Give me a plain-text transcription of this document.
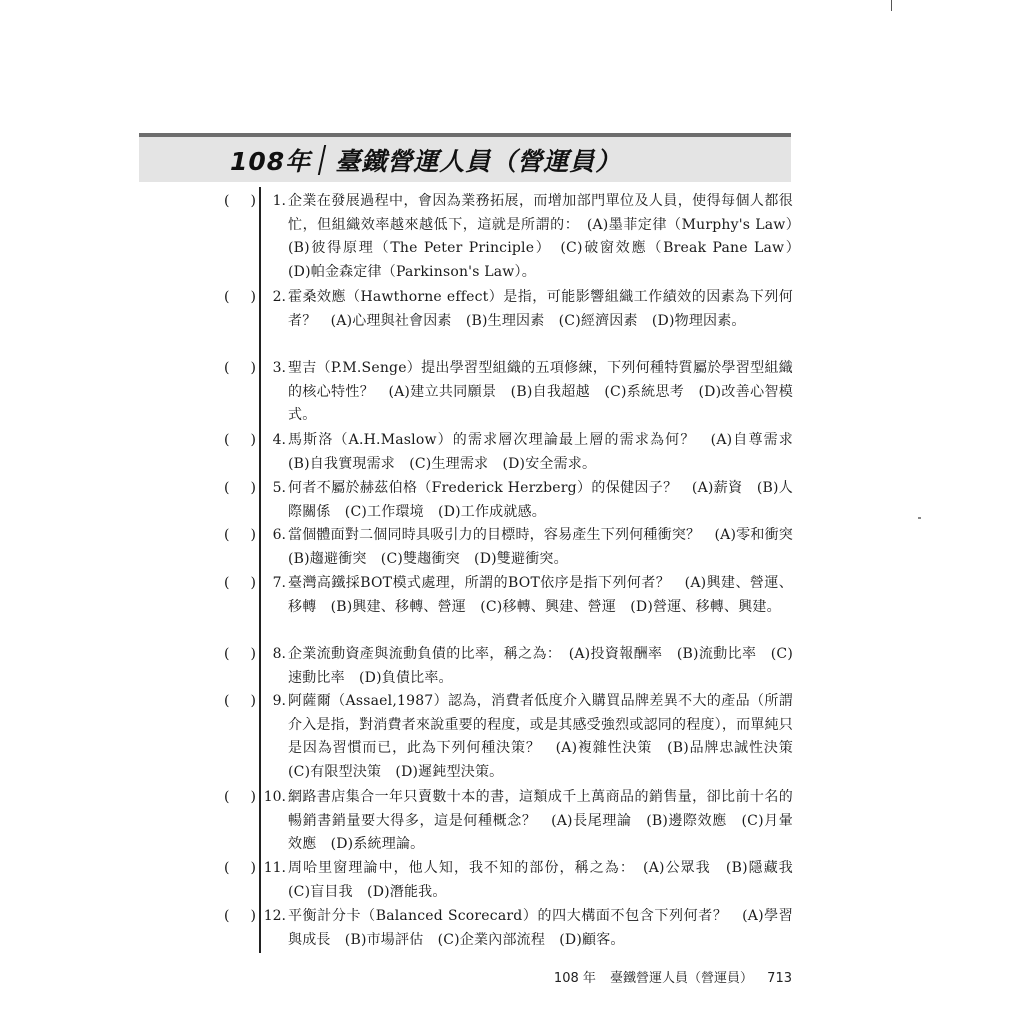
108年 臺鐵營運人員（營運員）
( )	1. 企業在發展過程中，會因為業務拓展，而增加部門單位及人員，使得每個人都很忙，但組織效率越來越低下，這就是所謂的：　(A)墨菲定律（Murphy's Law）　(B)彼得原理（The Peter Principle）　(C)破窗效應（Break Pane Law）　(D)帕金森定律（Parkinson's Law）。
( )	2. 霍桑效應（Hawthorne effect）是指，可能影響組織工作績效的因素為下列何者？　(A)心理與社會因素　(B)生理因素　(C)經濟因素　(D)物理因素。
( )	3. 聖吉（P.M.Senge）提出學習型組織的五項修練，下列何種特質屬於學習型組織的核心特性？　(A)建立共同願景　(B)自我超越　(C)系統思考　(D)改善心智模式。
( )	4. 馬斯洛（A.H.Maslow）的需求層次理論最上層的需求為何？　(A)自尊需求　(B)自我實現需求　(C)生理需求　(D)安全需求。
( )	5. 何者不屬於赫茲伯格（Frederick Herzberg）的保健因子？　(A)薪資　(B)人際關係　(C)工作環境　(D)工作成就感。
( )	6. 當個體面對二個同時具吸引力的目標時，容易產生下列何種衝突？　(A)零和衝突　(B)趨避衝突　(C)雙趨衝突　(D)雙避衝突。
( )	7. 臺灣高鐵採BOT模式處理，所謂的BOT依序是指下列何者？　(A)興建、營運、移轉　(B)興建、移轉、營運　(C)移轉、興建、營運　(D)營運、移轉、興建。
( )	8. 企業流動資產與流動負債的比率，稱之為：　(A)投資報酬率　(B)流動比率　(C)速動比率　(D)負債比率。
( )	9. 阿薩爾（Assael,1987）認為，消費者低度介入購買品牌差異不大的產品（所謂介入是指，對消費者來說重要的程度，或是其感受強烈或認同的程度），而單純只是因為習慣而已，此為下列何種決策？　(A)複雜性決策　(B)品牌忠誠性決策　(C)有限型決策　(D)遲鈍型決策。
( ) 10. 網路書店集合一年只賣數十本的書，這類成千上萬商品的銷售量，卻比前十名的暢銷書銷量要大得多，這是何種概念？　(A)長尾理論　(B)邊際效應　(C)月暈效應　(D)系統理論。
( ) 11. 周哈里窗理論中，他人知，我不知的部份，稱之為：　(A)公眾我　(B)隱藏我　(C)盲目我　(D)潛能我。
( ) 12. 平衡計分卡（Balanced Scorecard）的四大構面不包含下列何者？　(A)學習與成長　(B)市場評估　(C)企業內部流程　(D)顧客。
108 年 臺鐵營運人員（營運員） 713
